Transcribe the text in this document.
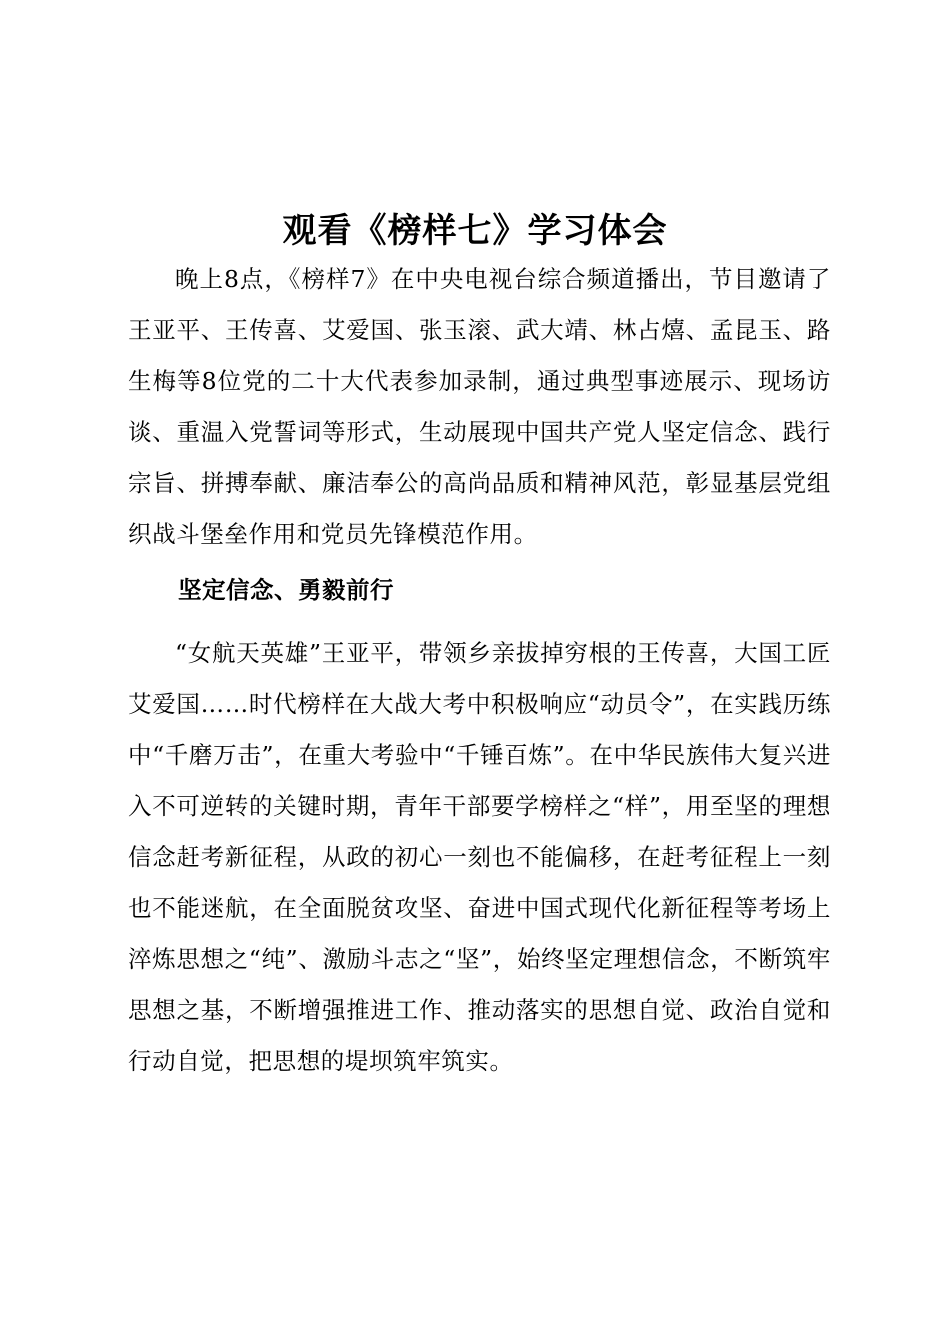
观看《榜样七》学习体会

晚上8点，《榜样7》在中央电视台综合频道播出，节目邀请了王亚平、王传喜、艾爱国、张玉滚、武大靖、林占熺、孟昆玉、路生梅等8位党的二十大代表参加录制，通过典型事迹展示、现场访谈、重温入党誓词等形式，生动展现中国共产党人坚定信念、践行宗旨、拼搏奉献、廉洁奉公的高尚品质和精神风范，彰显基层党组织战斗堡垒作用和党员先锋模范作用。

坚定信念、勇毅前行

“女航天英雄”王亚平，带领乡亲拔掉穷根的王传喜，大国工匠艾爱国……时代榜样在大战大考中积极响应“动员令”，在实践历练中“千磨万击”，在重大考验中“千锤百炼”。在中华民族伟大复兴进入不可逆转的关键时期，青年干部要学榜样之“样”，用至坚的理想信念赶考新征程，从政的初心一刻也不能偏移，在赶考征程上一刻也不能迷航，在全面脱贫攻坚、奋进中国式现代化新征程等考场上淬炼思想之“纯”、激励斗志之“坚”，始终坚定理想信念，不断筑牢思想之基，不断增强推进工作、推动落实的思想自觉、政治自觉和行动自觉，把思想的堤坝筑牢筑实。
